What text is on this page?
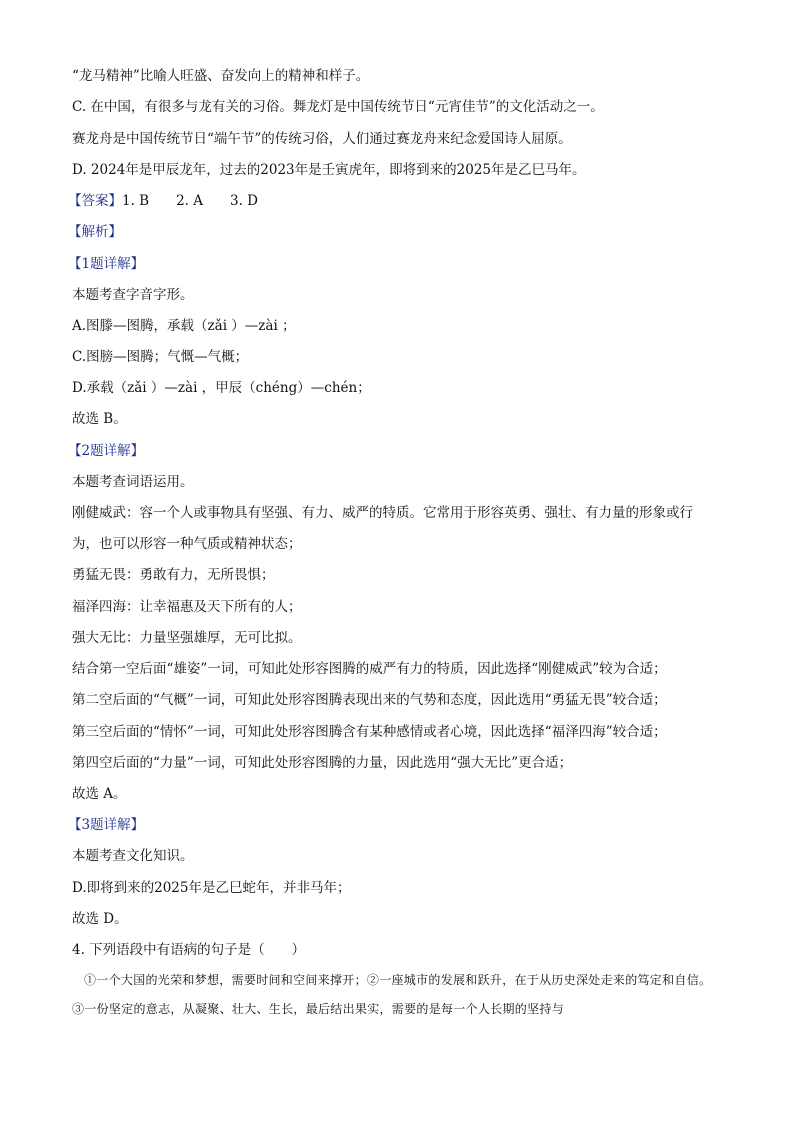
“龙马精神”比喻人旺盛、奋发向上的精神和样子。
C. 在中国，有很多与龙有关的习俗。舞龙灯是中国传统节日“元宵佳节”的文化活动之一。
赛龙舟是中国传统节日“端午节”的传统习俗，人们通过赛龙舟来纪念爱国诗人屈原。
D. 2024年是甲辰龙年，过去的2023年是壬寅虎年，即将到来的2025年是乙巳马年。
【答案】1. B　　2. A　　3. D
【解析】
【1题详解】
本题考查字音字形。
A.图滕—图腾，承载（zǎi ）—zài ；
C.图膀—图腾；气慨—气概；
D.承载（zǎi ）—zài ，甲辰（chéng）—chén；
故选 B。
【2题详解】
本题考查词语运用。
刚健威武：容一个人或事物具有坚强、有力、威严的特质。它常用于形容英勇、强壮、有力量的形象或行
为，也可以形容一种气质或精神状态；
勇猛无畏：勇敢有力，无所畏惧；
福泽四海：让幸福惠及天下所有的人；
强大无比：力量坚强雄厚，无可比拟。
结合第一空后面“雄姿”一词，可知此处形容图腾的威严有力的特质，因此选择“刚健威武”较为合适；
第二空后面的“气概”一词，可知此处形容图腾表现出来的气势和态度，因此选用“勇猛无畏”较合适；
第三空后面的“情怀”一词，可知此处形容图腾含有某种感情或者心境，因此选择“福泽四海”较合适；
第四空后面的“力量”一词，可知此处形容图腾的力量，因此选用“强大无比”更合适；
故选 A。
【3题详解】
本题考查文化知识。
D.即将到来的2025年是乙巳蛇年，并非马年；
故选 D。
4. 下列语段中有语病的句子是（　　）
①一个大国的光荣和梦想，需要时间和空间来撑开；②一座城市的发展和跃升，在于从历史深处走来的笃定和自信。③一份坚定的意志，从凝聚、壮大、生长，最后结出果实，需要的是每一个人长期的坚持与
